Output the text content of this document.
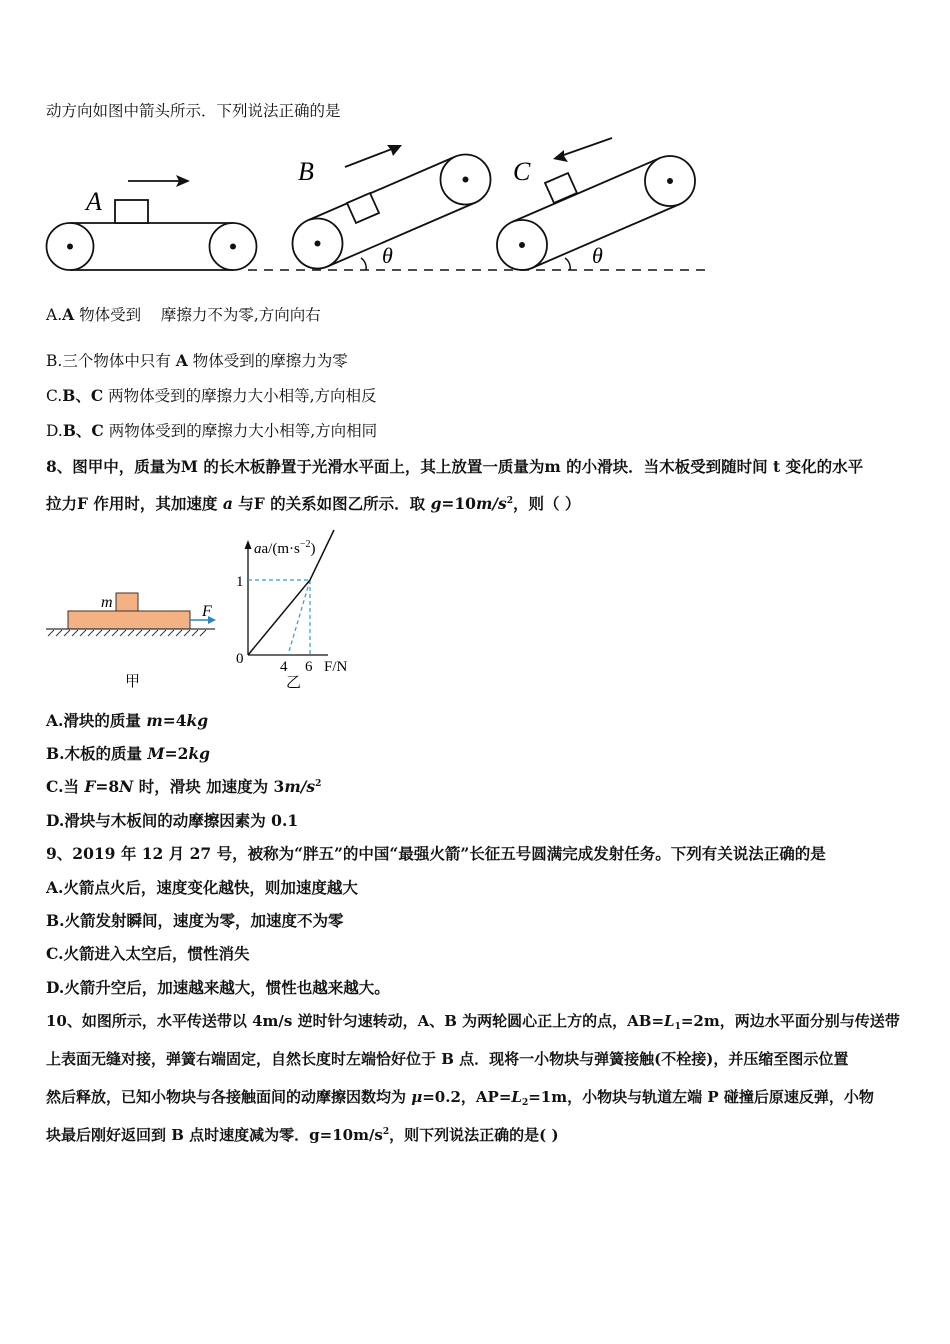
动方向如图中箭头所示．下列说法正确的是
A
B
θ
C
θ
A.A 物体受到 摩擦力不为零,方向向右
B.三个物体中只有 A 物体受到的摩擦力为零
C.B、C 两物体受到的摩擦力大小相等,方向相反
D.B、C 两物体受到的摩擦力大小相等,方向相同
8、图甲中，质量为M 的长木板静置于光滑水平面上，其上放置一质量为m 的小滑块．当木板受到随时间 t 变化的水平
拉力F 作用时，其加速度 a 与F 的关系如图乙所示．取 $g=10m/s^2$，则（ ）
m
F
甲
$aa/(m\cdot s^{-2})$
1
0 4 6 F/N
乙
A.滑块的质量 m=4kg
B.木板的质量 M=2kg
C.当 F=8N 时，滑块 加速度为 $3m/s^2$
D.滑块与木板间的动摩擦因素为 0.1
9、2019 年 12 月 27 号，被称为“胖五”的中国“最强火箭”长征五号圆满完成发射任务。下列有关说法正确的是
A.火箭点火后，速度变化越快，则加速度越大
B.火箭发射瞬间，速度为零，加速度不为零
C.火箭进入太空后，惯性消失
D.火箭升空后，加速越来越大，惯性也越来越大。
10、如图所示，水平传送带以 4m/s 逆时针匀速转动，A、B 为两轮圆心正上方的点，$AB=L_1=2m$，两边水平面分别与传送带
上表面无缝对接，弹簧右端固定，自然长度时左端恰好位于 B 点．现将一小物块与弹簧接触(不栓接)，并压缩至图示位置
然后释放，已知小物块与各接触面间的动摩擦因数均为 μ=0.2，$AP=L_2=1m$，小物块与轨道左端 P 碰撞后原速反弹，小物
块最后刚好返回到 B 点时速度减为零．$g=10m/s^2$，则下列说法正确的是( )
